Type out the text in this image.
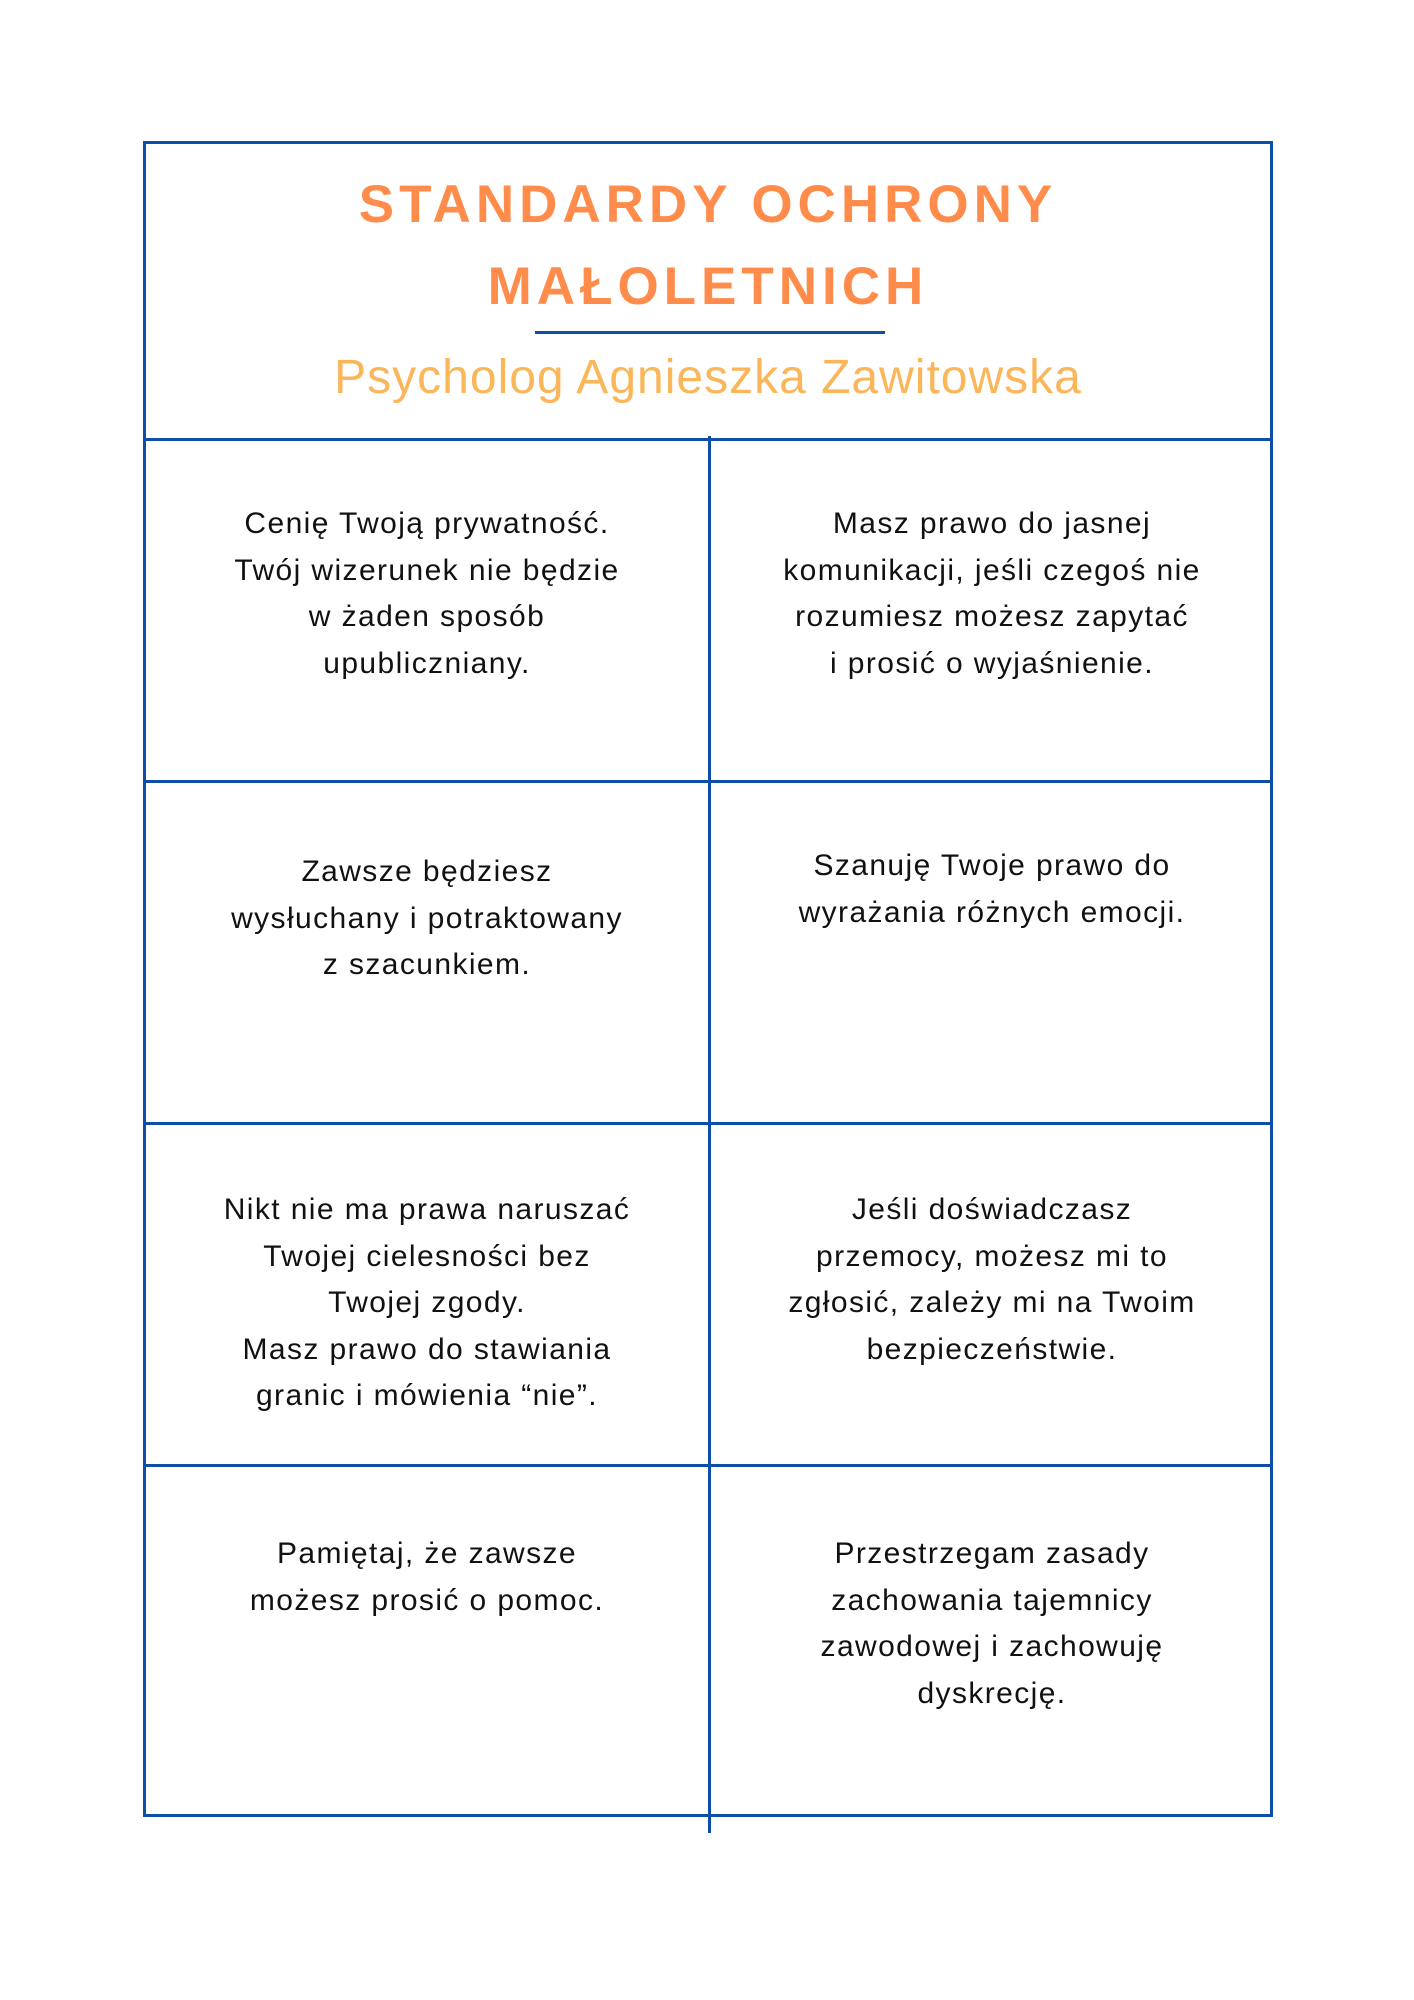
STANDARDY OCHRONY
MAŁOLETNICH
Psycholog Agnieszka Zawitowska
Cenię Twoją prywatność.
Twój wizerunek nie będzie
w żaden sposób
upubliczniany.
Masz prawo do jasnej
komunikacji, jeśli czegoś nie
rozumiesz możesz zapytać
i prosić o wyjaśnienie.
Zawsze będziesz
wysłuchany i potraktowany
z szacunkiem.
Szanuję Twoje prawo do
wyrażania różnych emocji.
Nikt nie ma prawa naruszać
Twojej cielesności bez
Twojej zgody.
Masz prawo do stawiania
granic i mówienia “nie”.
Jeśli doświadczasz
przemocy, możesz mi to
zgłosić, zależy mi na Twoim
bezpieczeństwie.
Pamiętaj, że zawsze
możesz prosić o pomoc.
Przestrzegam zasady
zachowania tajemnicy
zawodowej i zachowuję
dyskrecję.
